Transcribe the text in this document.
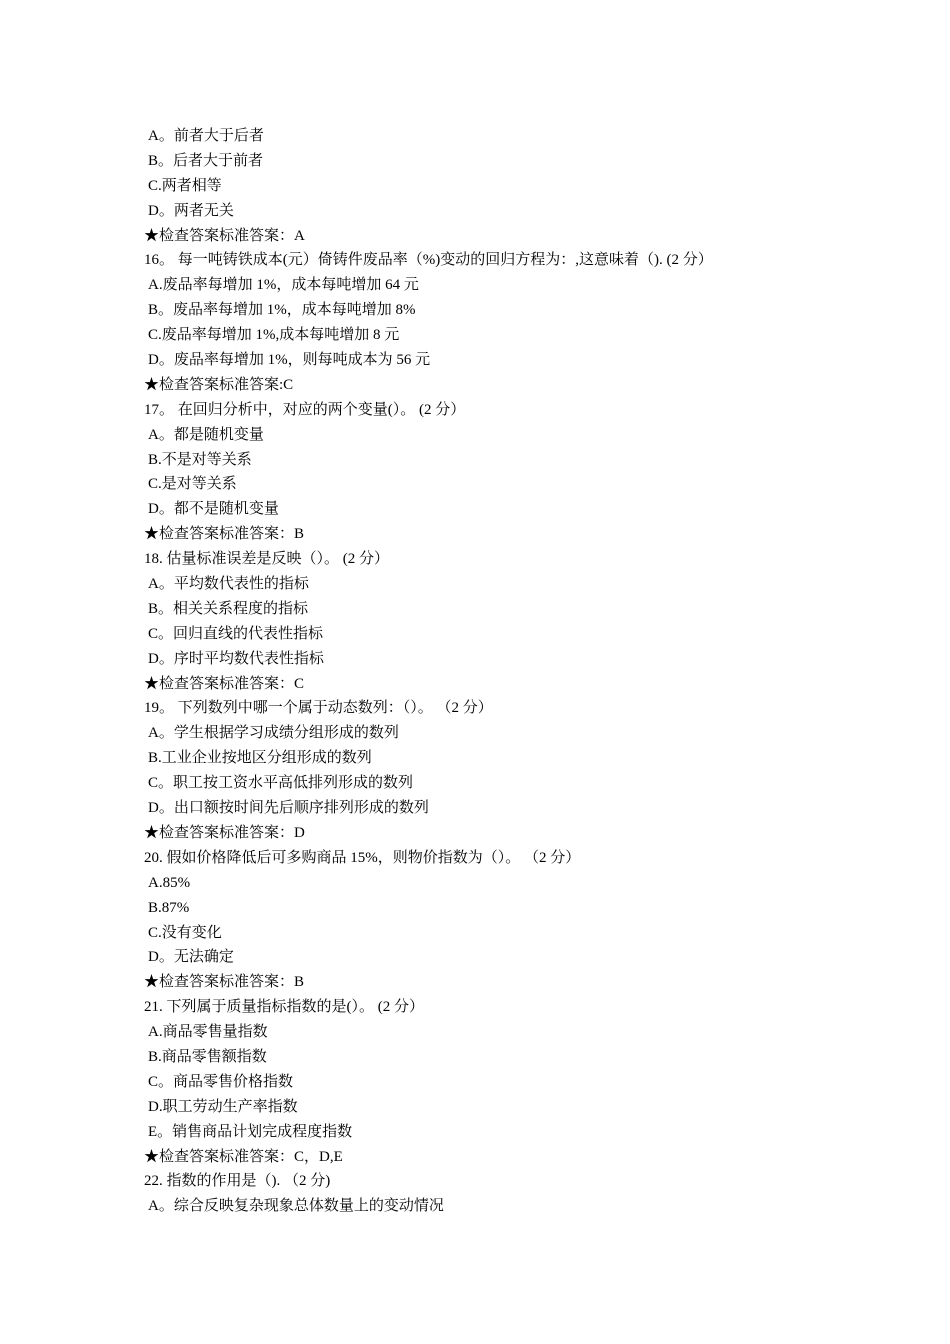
A。前者大于后者
B。后者大于前者
C.两者相等
D。两者无关
★检查答案标准答案：A
16。 每一吨铸铁成本(元）倚铸件废品率（%)变动的回归方程为：,这意味着（). (2 分）
A.废品率每增加 1%，成本每吨增加 64 元
B。废品率每增加 1%，成本每吨增加 8%
C.废品率每增加 1%,成本每吨增加 8 元
D。废品率每增加 1%，则每吨成本为 56 元
★检查答案标准答案:C
17。 在回归分析中，对应的两个变量(）。 (2 分）
A。都是随机变量
B.不是对等关系
C.是对等关系
D。都不是随机变量
★检查答案标准答案：B
18. 估量标准误差是反映（）。 (2 分）
A。平均数代表性的指标
B。相关关系程度的指标
C。回归直线的代表性指标
D。序时平均数代表性指标
★检查答案标准答案：C
19。 下列数列中哪一个属于动态数列：（）。 （2 分）
A。学生根据学习成绩分组形成的数列
B.工业企业按地区分组形成的数列
C。职工按工资水平高低排列形成的数列
D。出口额按时间先后顺序排列形成的数列
★检查答案标准答案：D
20. 假如价格降低后可多购商品 15%，则物价指数为（）。 （2 分）
A.85%
B.87%
C.没有变化
D。无法确定
★检查答案标准答案：B
21. 下列属于质量指标指数的是(）。 (2 分）
A.商品零售量指数
B.商品零售额指数
C。商品零售价格指数
D.职工劳动生产率指数
E。销售商品计划完成程度指数
★检查答案标准答案：C，D,E
22. 指数的作用是（). （2 分)
A。综合反映复杂现象总体数量上的变动情况
